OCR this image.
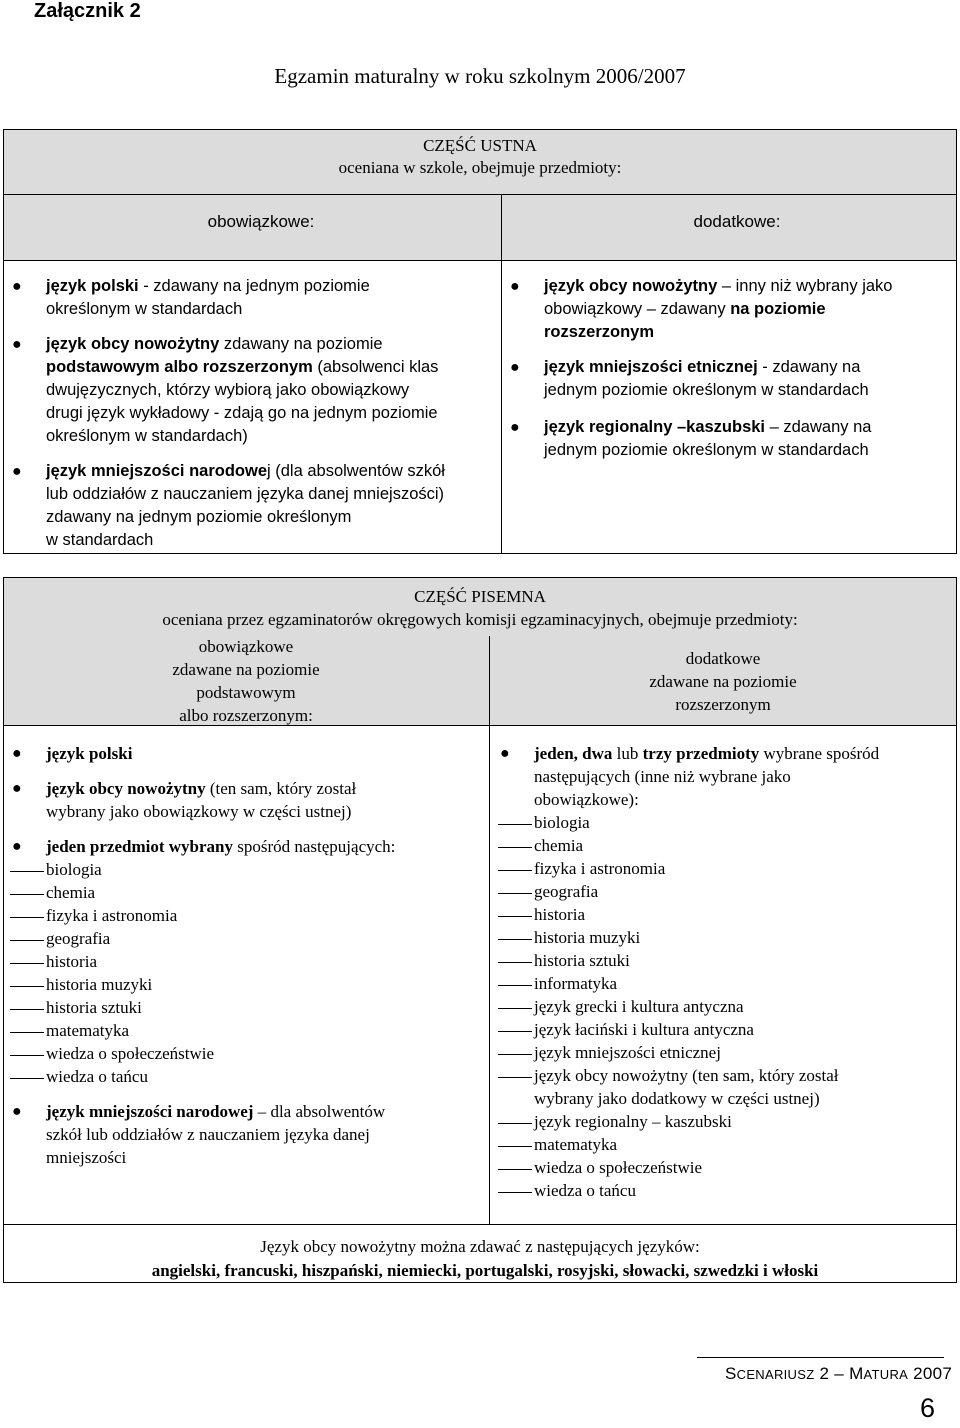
Załącznik 2
Egzamin maturalny w roku szkolnym 2006/2007
CZĘŚĆ USTNA
oceniana w szkole, obejmuje przedmioty:
obowiązkowe:	dodatkowe:
● język polski - zdawany na jednym poziomie
określonym w standardach
● język obcy nowożytny zdawany na poziomie
podstawowym albo rozszerzonym (absolwenci klas
dwujęzycznych, którzy wybiorą jako obowiązkowy
drugi język wykładowy - zdają go na jednym poziomie
określonym w standardach)
● język mniejszości narodowej (dla absolwentów szkół
lub oddziałów z nauczaniem języka danej mniejszości)
zdawany na jednym poziomie określonym
w standardach
● język obcy nowożytny – inny niż wybrany jako
obowiązkowy – zdawany na poziomie
rozszerzonym
● język mniejszości etnicznej - zdawany na
jednym poziomie określonym w standardach
● język regionalny –kaszubski – zdawany na
jednym poziomie określonym w standardach
CZĘŚĆ PISEMNA
oceniana przez egzaminatorów okręgowych komisji egzaminacyjnych, obejmuje przedmioty:
obowiązkowe
zdawane na poziomie
podstawowym
albo rozszerzonym:
dodatkowe
zdawane na poziomie
rozszerzonym
● język polski
● język obcy nowożytny (ten sam, który został
wybrany jako obowiązkowy w części ustnej)
● jeden przedmiot wybrany spośród następujących:
biologia
chemia
fizyka i astronomia
geografia
historia
historia muzyki
historia sztuki
matematyka
wiedza o społeczeństwie
wiedza o tańcu
● język mniejszości narodowej – dla absolwentów
szkół lub oddziałów z nauczaniem języka danej
mniejszości
● jeden, dwa lub trzy przedmioty wybrane spośród
następujących (inne niż wybrane jako
obowiązkowe):
biologia
chemia
fizyka i astronomia
geografia
historia
historia muzyki
historia sztuki
informatyka
język grecki i kultura antyczna
język łaciński i kultura antyczna
język mniejszości etnicznej
język obcy nowożytny (ten sam, który został
wybrany jako dodatkowy w części ustnej)
język regionalny – kaszubski
matematyka
wiedza o społeczeństwie
wiedza o tańcu
Język obcy nowożytny można zdawać z następujących języków:
angielski, francuski, hiszpański, niemiecki, portugalski, rosyjski, słowacki, szwedzki i włoski
SCENARIUSZ 2 – MATURA 2007
6
